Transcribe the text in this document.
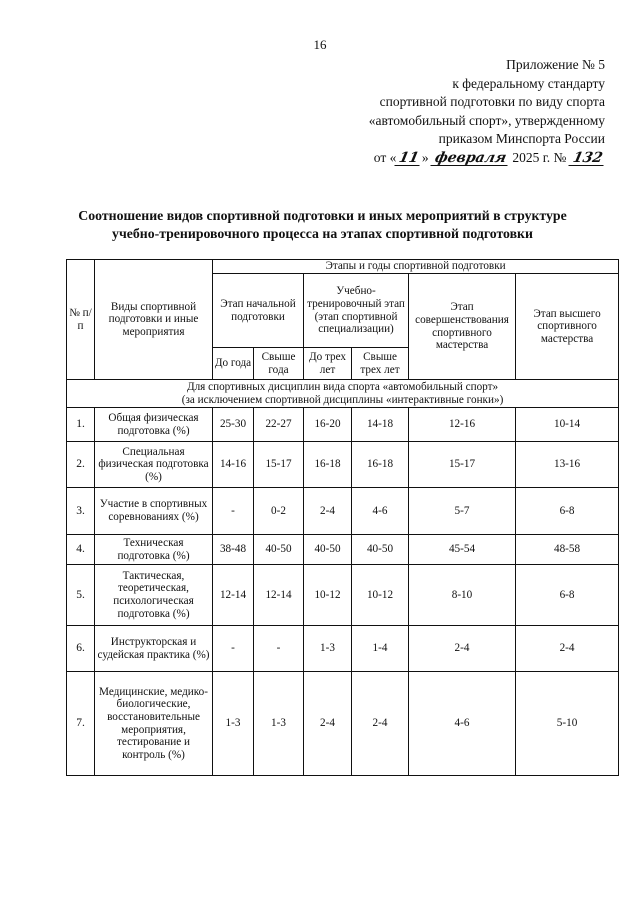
16
Приложение № 5
к федеральному стандарту
спортивной подготовки по виду спорта
«автомобильный спорт», утвержденному
приказом Минспорта России
от «11» февраля 2025 г. № 132
Соотношение видов спортивной подготовки и иных мероприятий в структуре
учебно-тренировочного процесса на этапах спортивной подготовки
№ п/п	Виды спортивной подготовки и иные мероприятия	Этапы и годы спортивной подготовки					
		Этап начальной подготовки		Учебно-тренировочный этап (этап спортивной специализации)		Этап совершенствования спортивного мастерства	Этап высшего спортивного мастерства
		До года	Свыше года	До трех лет	Свыше трех лет		

Для спортивных дисциплин вида спорта «автомобильный спорт»
(за исключением спортивной дисциплины «интерактивные гонки»)							

1.	Общая физическая подготовка (%)	25-30	22-27	16-20	14-18	12-16	10-14
2.	Специальная физическая подготовка (%)	14-16	15-17	16-18	16-18	15-17	13-16
3.	Участие в спортивных соревнованиях (%)	-	0-2	2-4	4-6	5-7	6-8
4.	Техническая подготовка (%)	38-48	40-50	40-50	40-50	45-54	48-58
5.	Тактическая, теоретическая, психологическая подготовка (%)	12-14	12-14	10-12	10-12	8-10	6-8
6.	Инструкторская и судейская практика (%)	-	-	1-3	1-4	2-4	2-4
7.	Медицинские, медико-биологические, восстановительные мероприятия, тестирование и контроль (%)	1-3	1-3	2-4	2-4	4-6	5-10
